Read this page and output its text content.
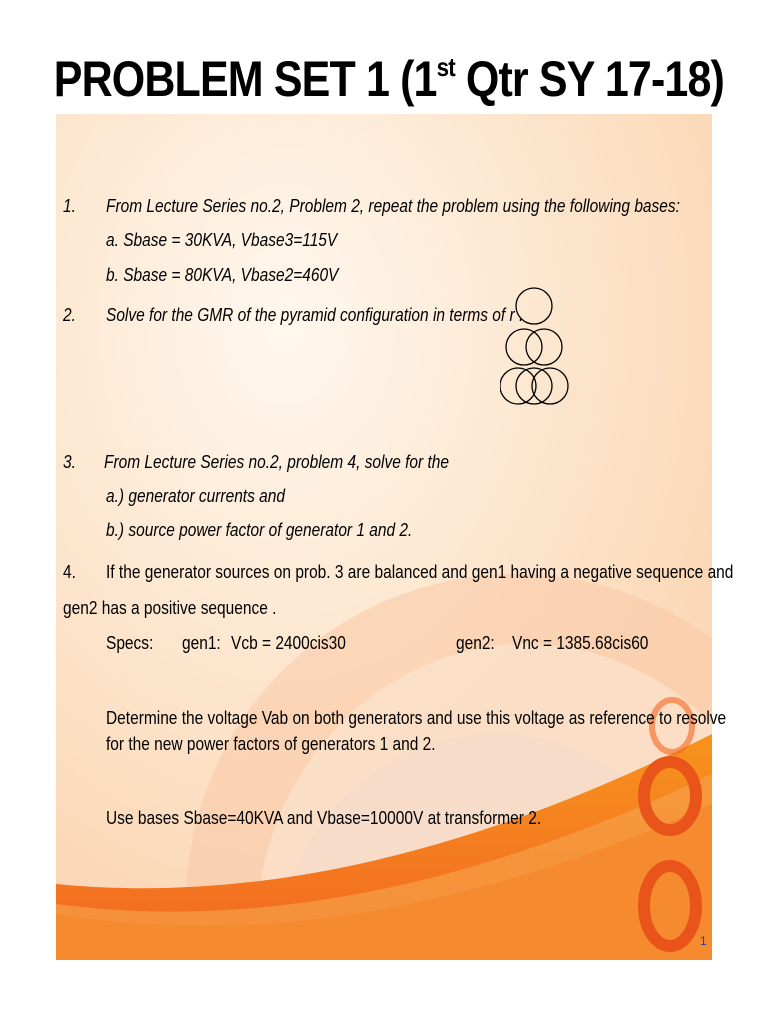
PROBLEM SET 1 (1st Qtr SY 17-18)
1. From Lecture Series no.2, Problem 2, repeat the problem using the following bases:
a. Sbase = 30KVA, Vbase3=115V
b. Sbase = 80KVA, Vbase2=460V
2. Solve for the GMR of the pyramid configuration in terms of r .
3. From Lecture Series no.2, problem 4, solve for the
a.) generator currents and
b.) source power factor of generator 1 and 2.
4. If the generator sources on prob. 3 are balanced and gen1 having a negative sequence and
gen2 has a positive sequence .
Specs: gen1: Vcb = 2400cis30	gen2: Vnc = 1385.68cis60
Determine the voltage Vab on both generators and use this voltage as reference to resolve
for the new power factors of generators 1 and 2.
Use bases Sbase=40KVA and Vbase=10000V at transformer 2.
1
